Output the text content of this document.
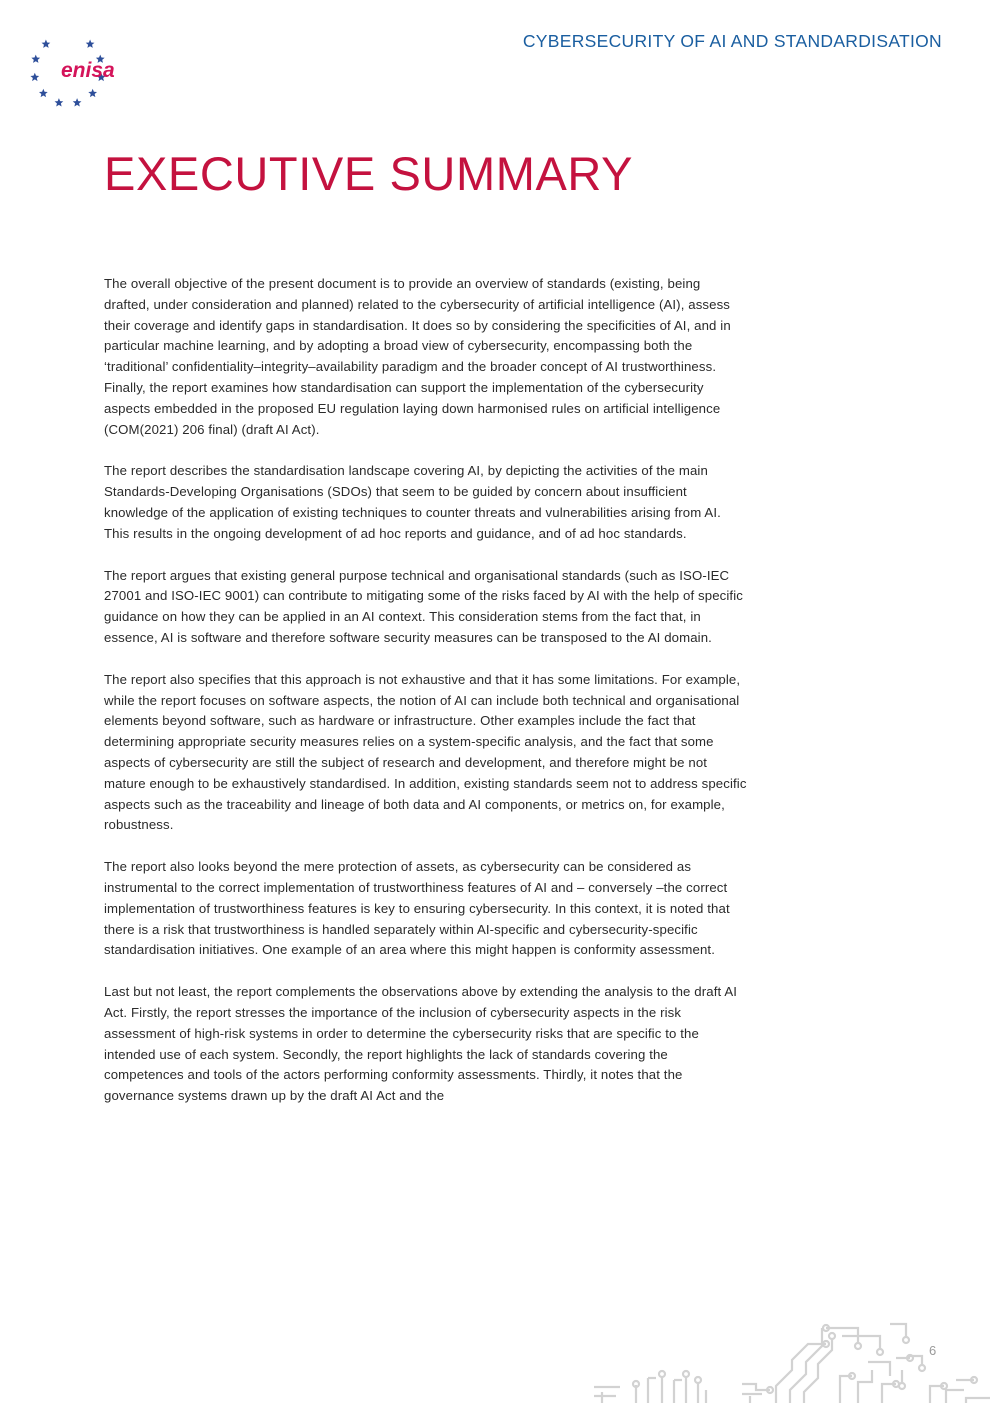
enisa
CYBERSECURITY OF AI AND STANDARDISATION
EXECUTIVE SUMMARY

The overall objective of the present document is to provide an overview of standards (existing, being drafted, under consideration and planned) related to the cybersecurity of artificial intelligence (AI), assess their coverage and identify gaps in standardisation. It does so by considering the specificities of AI, and in particular machine learning, and by adopting a broad view of cybersecurity, encompassing both the ‘traditional’ confidentiality–integrity–availability paradigm and the broader concept of AI trustworthiness. Finally, the report examines how standardisation can support the implementation of the cybersecurity aspects embedded in the proposed EU regulation laying down harmonised rules on artificial intelligence (COM(2021) 206 final) (draft AI Act).

The report describes the standardisation landscape covering AI, by depicting the activities of the main Standards-Developing Organisations (SDOs) that seem to be guided by concern about insufficient knowledge of the application of existing techniques to counter threats and vulnerabilities arising from AI. This results in the ongoing development of ad hoc reports and guidance, and of ad hoc standards.

The report argues that existing general purpose technical and organisational standards (such as ISO-IEC 27001 and ISO-IEC 9001) can contribute to mitigating some of the risks faced by AI with the help of specific guidance on how they can be applied in an AI context. This consideration stems from the fact that, in essence, AI is software and therefore software security measures can be transposed to the AI domain.

The report also specifies that this approach is not exhaustive and that it has some limitations. For example, while the report focuses on software aspects, the notion of AI can include both technical and organisational elements beyond software, such as hardware or infrastructure. Other examples include the fact that determining appropriate security measures relies on a system-specific analysis, and the fact that some aspects of cybersecurity are still the subject of research and development, and therefore might be not mature enough to be exhaustively standardised. In addition, existing standards seem not to address specific aspects such as the traceability and lineage of both data and AI components, or metrics on, for example, robustness.

The report also looks beyond the mere protection of assets, as cybersecurity can be considered as instrumental to the correct implementation of trustworthiness features of AI and – conversely –the correct implementation of trustworthiness features is key to ensuring cybersecurity. In this context, it is noted that there is a risk that trustworthiness is handled separately within AI-specific and cybersecurity-specific standardisation initiatives. One example of an area where this might happen is conformity assessment.

Last but not least, the report complements the observations above by extending the analysis to the draft AI Act. Firstly, the report stresses the importance of the inclusion of cybersecurity aspects in the risk assessment of high-risk systems in order to determine the cybersecurity risks that are specific to the intended use of each system. Secondly, the report highlights the lack of standards covering the competences and tools of the actors performing conformity assessments. Thirdly, it notes that the governance systems drawn up by the draft AI Act and the

6
